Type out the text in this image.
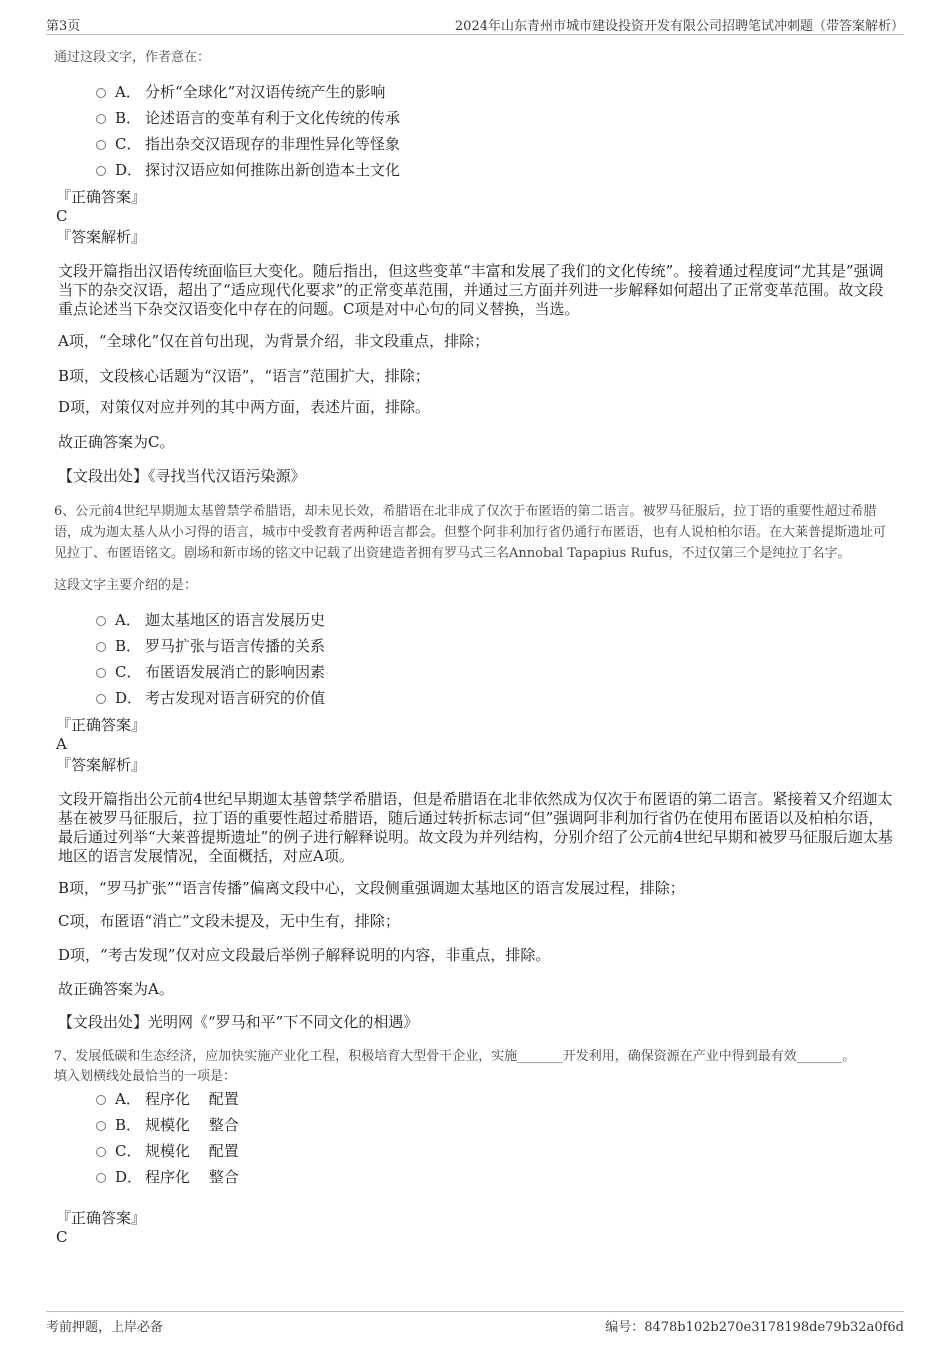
第3页	2024年山东青州市城市建设投资开发有限公司招聘笔试冲刺题（带答案解析）
通过这段文字，作者意在：
A． 分析“全球化”对汉语传统产生的影响
B． 论述语言的变革有利于文化传统的传承
C． 指出杂交汉语现存的非理性异化等怪象
D． 探讨汉语应如何推陈出新创造本土文化
『正确答案』
C
『答案解析』
文段开篇指出汉语传统面临巨大变化。随后指出，但这些变革“丰富和发展了我们的文化传统”。接着通过程度词“尤其是”强调当下的杂交汉语，超出了“适应现代化要求”的正常变革范围，并通过三方面并列进一步解释如何超出了正常变革范围。故文段重点论述当下杂交汉语变化中存在的问题。C项是对中心句的同义替换，当选。
A项，“全球化”仅在首句出现，为背景介绍，非文段重点，排除；
B项，文段核心话题为“汉语”，“语言”范围扩大，排除；
D项，对策仅对应并列的其中两方面，表述片面，排除。
故正确答案为C。
【文段出处】《寻找当代汉语污染源》
6、公元前4世纪早期迦太基曾禁学希腊语，却未见长效，希腊语在北非成了仅次于布匿语的第二语言。被罗马征服后，拉丁语的重要性超过希腊语，成为迦太基人从小习得的语言，城市中受教育者两种语言都会。但整个阿非利加行省仍通行布匿语，也有人说柏柏尔语。在大莱普提斯遗址可见拉丁、布匿语铭文。剧场和新市场的铭文中记载了出资建造者拥有罗马式三名Annobal Tapapius Rufus，不过仅第三个是纯拉丁名字。
这段文字主要介绍的是：
A． 迦太基地区的语言发展历史
B． 罗马扩张与语言传播的关系
C． 布匿语发展消亡的影响因素
D． 考古发现对语言研究的价值
『正确答案』
A
『答案解析』
文段开篇指出公元前4世纪早期迦太基曾禁学希腊语，但是希腊语在北非依然成为仅次于布匿语的第二语言。紧接着又介绍迦太基在被罗马征服后，拉丁语的重要性超过希腊语，随后通过转折标志词“但”强调阿非利加行省仍在使用布匿语以及柏柏尔语，最后通过列举“大莱普提斯遗址”的例子进行解释说明。故文段为并列结构，分别介绍了公元前4世纪早期和被罗马征服后迦太基地区的语言发展情况，全面概括，对应A项。
B项，“罗马扩张”“语言传播”偏离文段中心，文段侧重强调迦太基地区的语言发展过程，排除；
C项，布匿语“消亡”文段未提及，无中生有，排除；
D项，“考古发现”仅对应文段最后举例子解释说明的内容，非重点，排除。
故正确答案为A。
【文段出处】光明网《“罗马和平”下不同文化的相遇》
7、发展低碳和生态经济，应加快实施产业化工程，积极培育大型骨干企业，实施_______开发利用，确保资源在产业中得到最有效_______。
填入划横线处最恰当的一项是：
A． 程序化 配置
B． 规模化 整合
C． 规模化 配置
D． 程序化 整合
『正确答案』
C
考前押题，上岸必备	编号：8478b102b270e3178198de79b32a0f6d
